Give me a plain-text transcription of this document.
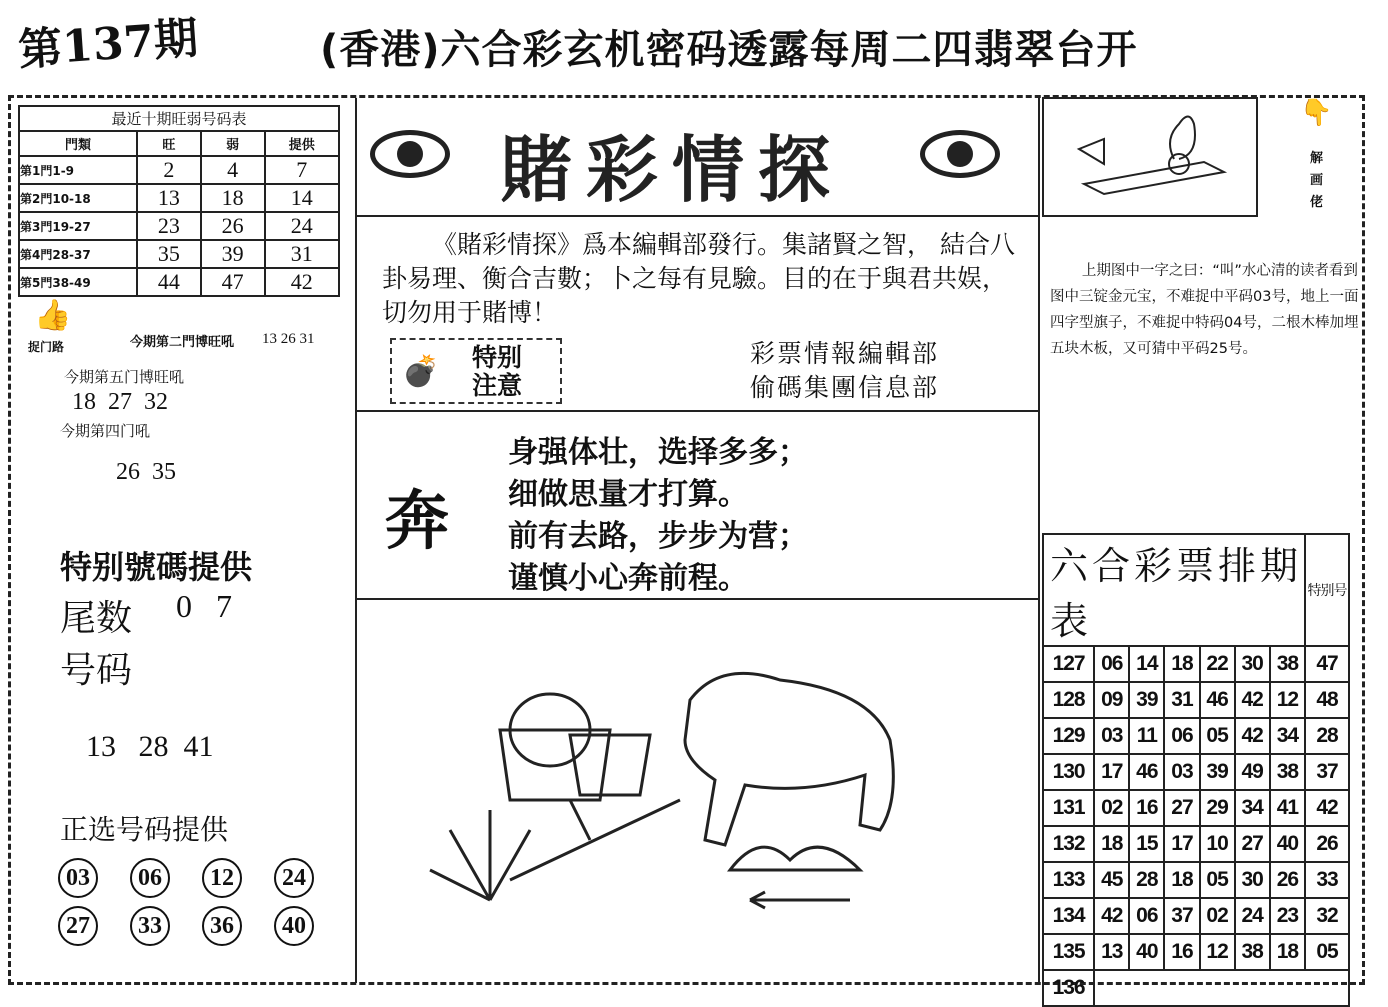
第137期	(香港)六合彩玄机密码透露每周二四翡翠台开
最近十期旺弱号码表			
門類	旺	弱	提供
第1門1-9	2	4	7
第2門10-18	13	18	14
第3門19-27	23	26	24
第4門28-37	35	39	31
第5門38-49	44	47	42
👍
捉门路	今期第二門博旺吼 13 26 31
今期第五门博旺吼
18  27  32
今期第四门吼
26  35
特别號碼提供
尾数 0   7
号码
13   28  41
正选号码提供
03	06	12	24
27	33	36	40
賭彩情探
《賭彩情探》爲本編輯部發行。集諸賢之智， 結合八卦易理、衡合吉數；卜之每有見驗。目的在于與君共娱， 切勿用于賭博！
💣 特别注意
彩票情報編輯部
偷碼集團信息部
奔
身强体壮，选择多多；
细做思量才打算。
前有去路，步步为营；
谨慎小心奔前程。
👇
解画佬
上期图中一字之曰：“叫”水心清的读者看到图中三锭金元宝，不难捉中平码03号，地上一面四字型旗子，不难捉中特码04号，二根木棒加埋五块木板，又可猜中平码25号。
六合彩票排期表							特别号
127	06	14	18	22	30	38	47
128	09	39	31	46	42	12	48
129	03	11	06	05	42	34	28
130	17	46	03	39	49	38	37
131	02	16	27	29	34	41	42
132	18	15	17	10	27	40	26
133	45	28	18	05	30	26	33
134	42	06	37	02	24	23	32
135	13	40	16	12	38	18	05
136							
